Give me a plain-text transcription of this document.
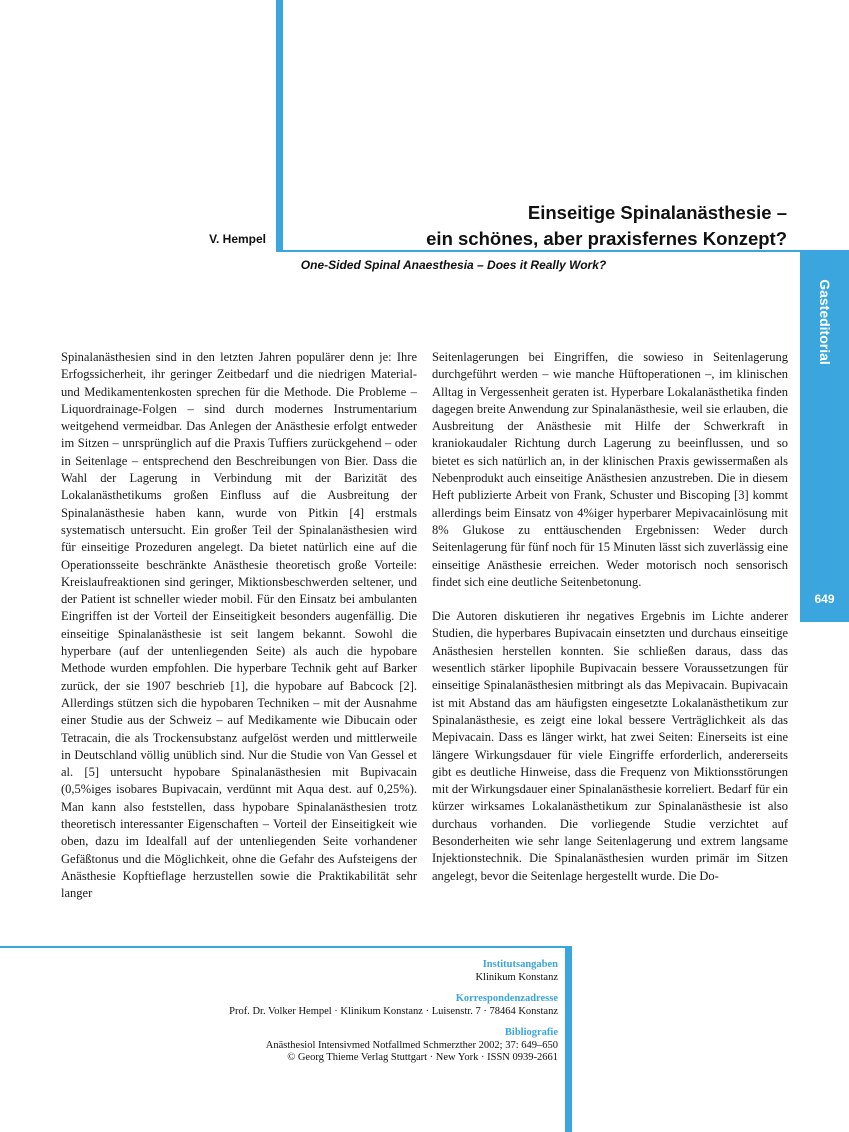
V. Hempel
Einseitige Spinalanästhesie –
ein schönes, aber praxisfernes Konzept?
One-Sided Spinal Anaesthesia – Does it Really Work?
Gasteditorial
649

Spinalanästhesien sind in den letzten Jahren populärer denn je: Ihre Erfogssicherheit, ihr geringer Zeitbedarf und die niedrigen Material- und Medikamentenkosten sprechen für die Methode. Die Probleme – Liquordrainage-Folgen – sind durch modernes Instrumentarium weitgehend vermeidbar. Das Anlegen der Anästhesie erfolgt entweder im Sitzen – unrsprünglich auf die Praxis Tuffiers zurückgehend – oder in Seitenlage – entsprechend den Beschreibungen von Bier. Dass die Wahl der Lagerung in Verbindung mit der Barizität des Lokalanästhetikums großen Einfluss auf die Ausbreitung der Spinalanästhesie haben kann, wurde von Pitkin [4] erstmals systematisch untersucht. Ein großer Teil der Spinalanästhesien wird für einseitige Prozeduren angelegt. Da bietet natürlich eine auf die Operationsseite beschränkte Anästhesie theoretisch große Vorteile: Kreislaufreaktionen sind geringer, Miktionsbeschwerden seltener, und der Patient ist schneller wieder mobil. Für den Einsatz bei ambulanten Eingriffen ist der Vorteil der Einseitigkeit besonders augenfällig. Die einseitige Spinalanästhesie ist seit langem bekannt. Sowohl die hyperbare (auf der untenliegenden Seite) als auch die hypobare Methode wurden empfohlen. Die hyperbare Technik geht auf Barker zurück, der sie 1907 beschrieb [1], die hypobare auf Babcock [2]. Allerdings stützen sich die hypobaren Techniken – mit der Ausnahme einer Studie aus der Schweiz – auf Medikamente wie Dibucain oder Tetracain, die als Trockensubstanz aufgelöst werden und mittlerweile in Deutschland völlig unüblich sind. Nur die Studie von Van Gessel et al. [5] untersucht hypobare Spinalanästhesien mit Bupivacain (0,5%iges isobares Bupivacain, verdünnt mit Aqua dest. auf 0,25%). Man kann also feststellen, dass hypobare Spinalanästhesien trotz theoretisch interessanter Eigenschaften – Vorteil der Einseitigkeit wie oben, dazu im Idealfall auf der untenliegenden Seite vorhandener Gefäßtonus und die Möglichkeit, ohne die Gefahr des Aufsteigens der Anästhesie Kopftieflage herzustellen sowie die Praktikabilität sehr langer

Seitenlagerungen bei Eingriffen, die sowieso in Seitenlagerung durchgeführt werden – wie manche Hüftoperationen –, im klinischen Alltag in Vergessenheit geraten ist. Hyperbare Lokalanästhetika finden dagegen breite Anwendung zur Spinalanästhesie, weil sie erlauben, die Ausbreitung der Anästhesie mit Hilfe der Schwerkraft in kraniokaudaler Richtung durch Lagerung zu beeinflussen, und so bietet es sich natürlich an, in der klinischen Praxis gewissermaßen als Nebenprodukt auch einseitige Anästhesien anzustreben. Die in diesem Heft publizierte Arbeit von Frank, Schuster und Biscoping [3] kommt allerdings beim Einsatz von 4%iger hyperbarer Mepivacainlösung mit 8% Glukose zu enttäuschenden Ergebnissen: Weder durch Seitenlagerung für fünf noch für 15 Minuten lässt sich zuverlässig eine einseitige Anästhesie erreichen. Weder motorisch noch sensorisch findet sich eine deutliche Seitenbetonung.

Die Autoren diskutieren ihr negatives Ergebnis im Lichte anderer Studien, die hyperbares Bupivacain einsetzten und durchaus einseitige Anästhesien herstellen konnten. Sie schließen daraus, dass das wesentlich stärker lipophile Bupivacain bessere Voraussetzungen für einseitige Spinalanästhesien mitbringt als das Mepivacain. Bupivacain ist mit Abstand das am häufigsten eingesetzte Lokalanästhetikum zur Spinalanästhesie, es zeigt eine lokal bessere Verträglichkeit als das Mepivacain. Dass es länger wirkt, hat zwei Seiten: Einerseits ist eine längere Wirkungsdauer für viele Eingriffe erforderlich, andererseits gibt es deutliche Hinweise, dass die Frequenz von Miktionsstörungen mit der Wirkungsdauer einer Spinalanästhesie korreliert. Bedarf für ein kürzer wirksames Lokalanästhetikum zur Spinalanästhesie ist also durchaus vorhanden. Die vorliegende Studie verzichtet auf Besonderheiten wie sehr lange Seitenlagerung und extrem langsame Injektionstechnik. Die Spinalanästhesien wurden primär im Sitzen angelegt, bevor die Seitenlage hergestellt wurde. Die Do-

Institutsangaben
Klinikum Konstanz
Korrespondenzadresse
Prof. Dr. Volker Hempel · Klinikum Konstanz · Luisenstr. 7 · 78464 Konstanz
Bibliografie
Anästhesiol Intensivmed Notfallmed Schmerzther 2002; 37: 649–650
© Georg Thieme Verlag Stuttgart · New York · ISSN 0939-2661
